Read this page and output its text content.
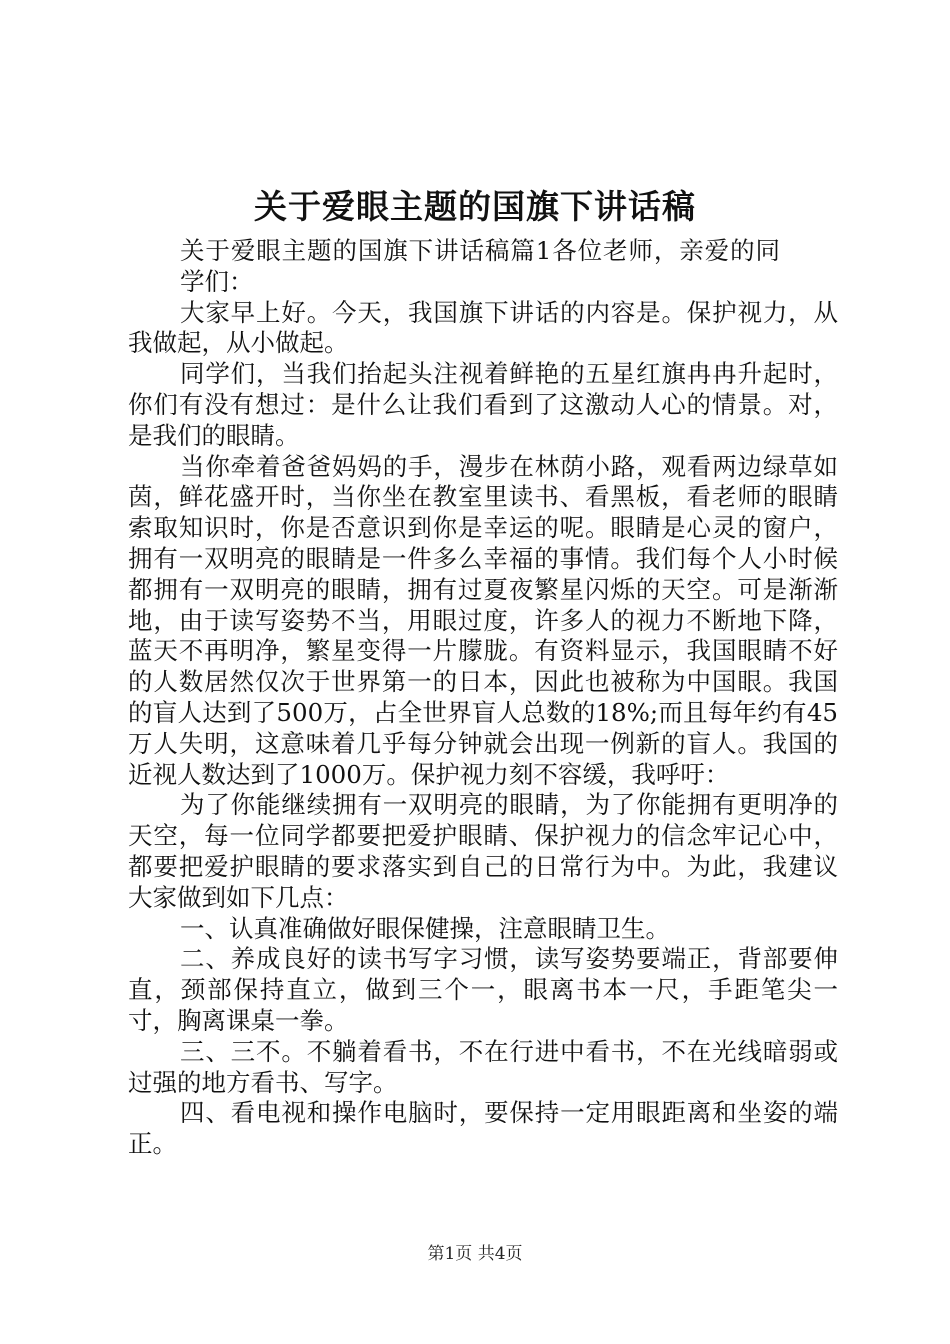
关于爱眼主题的国旗下讲话稿

关于爱眼主题的国旗下讲话稿篇1各位老师，亲爱的同学们：

大家早上好。今天，我国旗下讲话的内容是。保护视力，从我做起，从小做起。

同学们，当我们抬起头注视着鲜艳的五星红旗冉冉升起时，你们有没有想过：是什么让我们看到了这激动人心的情景。对，是我们的眼睛。

当你牵着爸爸妈妈的手，漫步在林荫小路，观看两边绿草如茵，鲜花盛开时，当你坐在教室里读书、看黑板，看老师的眼睛索取知识时，你是否意识到你是幸运的呢。眼睛是心灵的窗户，拥有一双明亮的眼睛是一件多么幸福的事情。我们每个人小时候都拥有一双明亮的眼睛，拥有过夏夜繁星闪烁的天空。可是渐渐地，由于读写姿势不当，用眼过度，许多人的视力不断地下降，蓝天不再明净，繁星变得一片朦胧。有资料显示，我国眼睛不好的人数居然仅次于世界第一的日本，因此也被称为中国眼。我国的盲人达到了500万，占全世界盲人总数的18%;而且每年约有45万人失明，这意味着几乎每分钟就会出现一例新的盲人。我国的近视人数达到了1000万。保护视力刻不容缓，我呼吁：

为了你能继续拥有一双明亮的眼睛，为了你能拥有更明净的天空，每一位同学都要把爱护眼睛、保护视力的信念牢记心中，都要把爱护眼睛的要求落实到自己的日常行为中。为此，我建议大家做到如下几点：

一、认真准确做好眼保健操，注意眼睛卫生。

二、养成良好的读书写字习惯，读写姿势要端正，背部要伸直，颈部保持直立，做到三个一，眼离书本一尺，手距笔尖一寸，胸离课桌一拳。

三、三不。不躺着看书，不在行进中看书，不在光线暗弱或过强的地方看书、写字。

四、看电视和操作电脑时，要保持一定用眼距离和坐姿的端正。

第1页 共4页
